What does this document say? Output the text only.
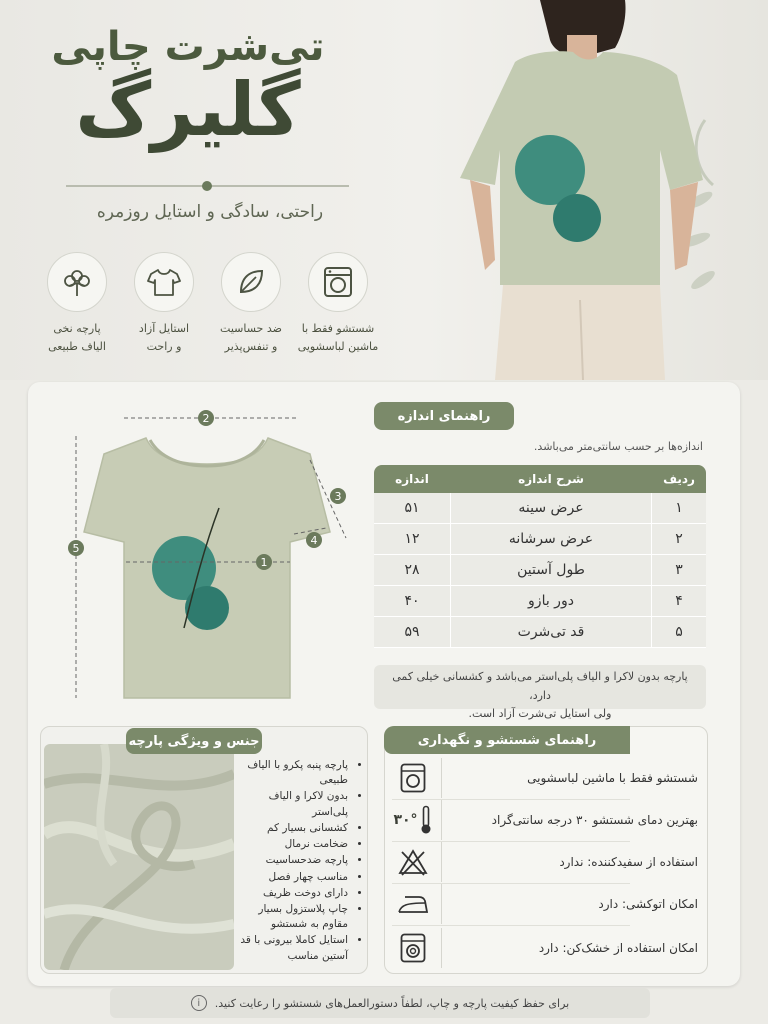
تی‌شرت چاپی
گلیرگ
راحتی، سادگی و استایل روزمره
شستشو فقط با
ماشین لباسشویی
ضد حساسیت
و تنفس‌پذیر
استایل آزاد
و راحت
پارچه نخی
الیاف طبیعی
راهنمای اندازه
اندازه‌ها بر حسب سانتی‌متر می‌باشد.
ردیف	شرح اندازه	اندازه
۱	عرض سینه	۵۱
۲	عرض سرشانه	۱۲
۳	طول آستین	۲۸
۴	دور بازو	۴۰
۵	قد تی‌شرت	۵۹
پارچه بدون لاکرا و الیاف پلی‌استر می‌باشد و کشسانی خیلی کمی دارد،
ولی استایل تی‌شرت آزاد است.
2
5
1
3
4
جنس و ویژگی پارچه
• پارچه پنبه پکرو با الیاف طبیعی
• بدون لاکرا و الیاف پلی‌استر
• کشسانی بسیار کم
• ضخامت نرمال
• پارچه ضدحساسیت
• مناسب چهار فصل
• دارای دوخت ظریف
• چاپ پلاستزول بسیار مقاوم به شستشو
• استایل کاملا بیرونی با قد آستین مناسب
راهنمای شستشو و نگهداری
شستشو فقط با ماشین لباسشویی
بهترین دمای شستشو ۳۰ درجه سانتی‌گراد
۳۰°
استفاده از سفیدکننده: ندارد
امکان اتوکشی: دارد
امکان استفاده از خشک‌کن: دارد
برای حفظ کیفیت پارچه و چاپ، لطفاً دستورالعمل‌های شستشو را رعایت کنید.
i
